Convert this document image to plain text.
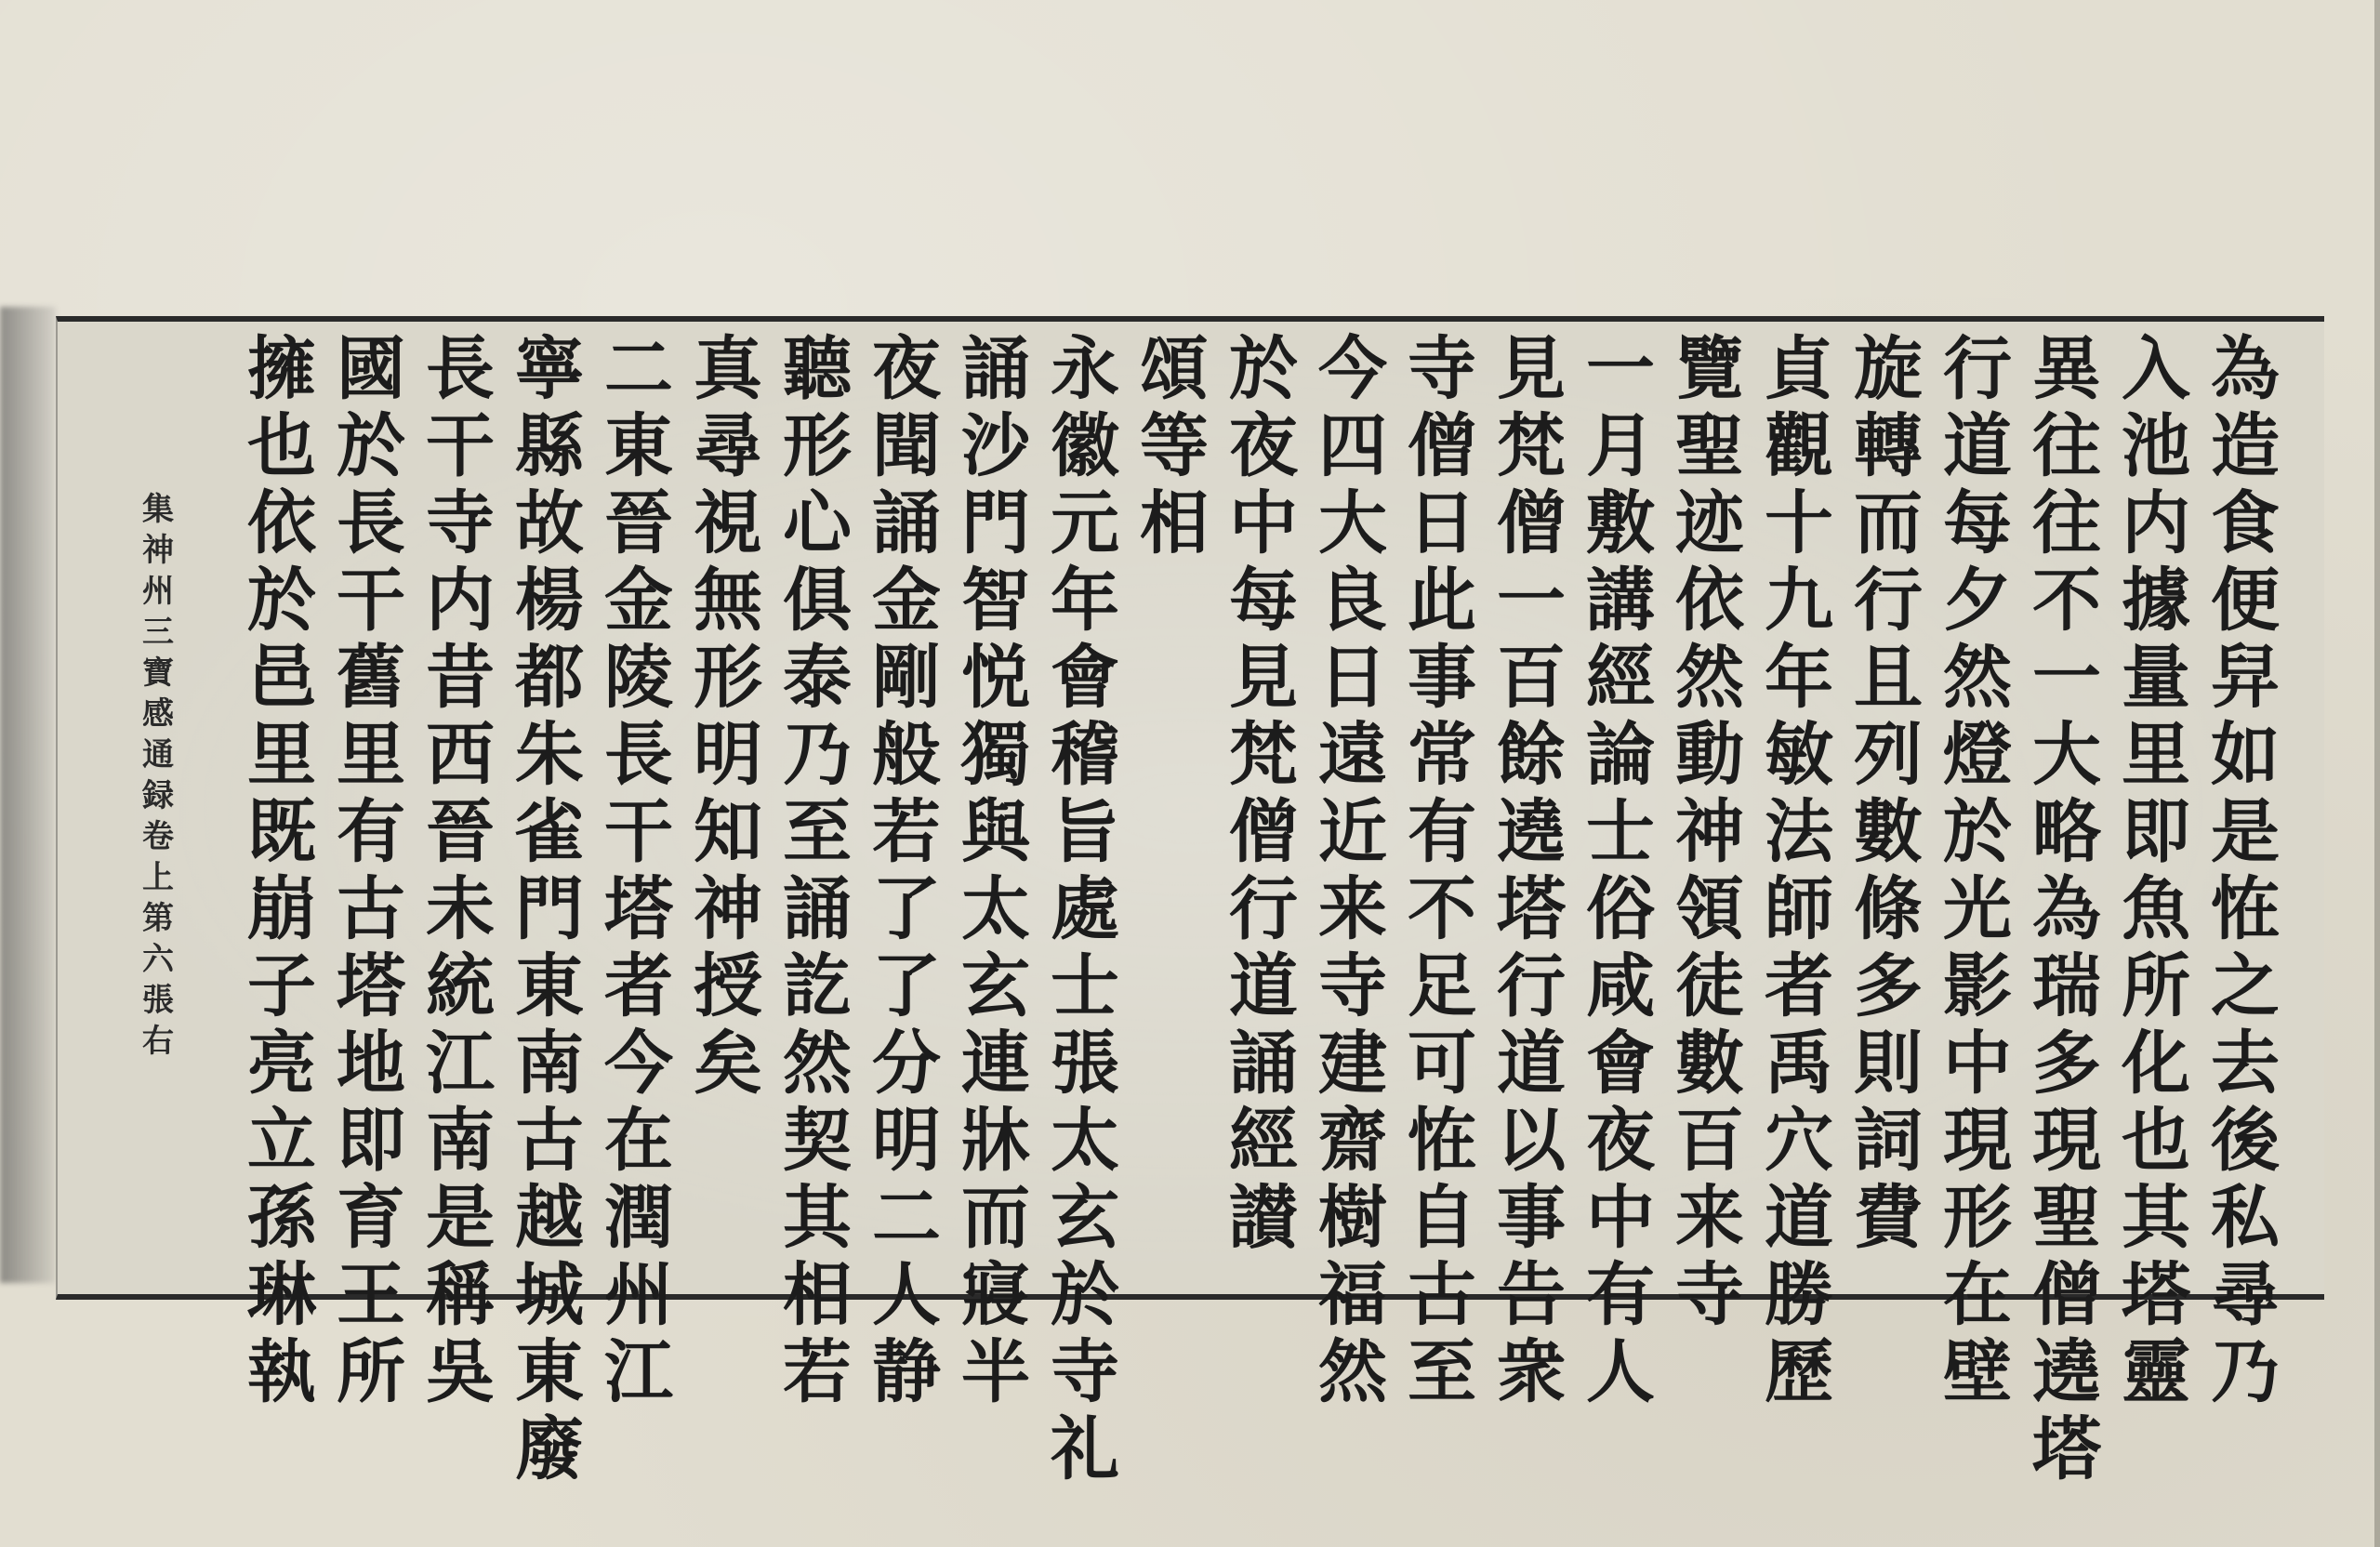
為
造
食
便
舁
如
是
恠
之
去
後
私
尋
乃
入
池
内
據
量
里
即
魚
所
化
也
其
塔
靈
異
往
往
不
一
大
略
為
瑞
多
現
聖
僧
遶
塔
行
道
每
夕
然
燈
於
光
影
中
現
形
在
壁
旋
轉
而
行
且
列
數
條
多
則
詞
費
貞
觀
十
九
年
敏
法
師
者
禹
穴
道
勝
歷
覽
聖
迹
依
然
動
神
領
徒
數
百
来
寺
一
月
敷
講
經
論
士
俗
咸
會
夜
中
有
人
見
梵
僧
一
百
餘
遶
塔
行
道
以
事
告
衆
寺
僧
日
此
事
常
有
不
足
可
恠
自
古
至
今
四
大
良
日
遠
近
来
寺
建
齋
樹
福
然
於
夜
中
每
見
梵
僧
行
道
誦
經
讃
頌
等
相
永
徽
元
年
會
稽
旨
處
士
張
太
玄
於
寺
礼
誦
沙
門
智
悦
獨
與
太
玄
連
牀
而
寢
半
夜
聞
誦
金
剛
般
若
了
了
分
明
二
人
静
聽
形
心
俱
泰
乃
至
誦
訖
然
契
其
相
若
真
尋
視
無
形
明
知
神
授
矣
二
東
晉
金
陵
長
干
塔
者
今
在
潤
州
江
寧
縣
故
楊
都
朱
雀
門
東
南
古
越
城
東
廢
長
干
寺
内
昔
西
晉
未
統
江
南
是
稱
吳
國
於
長
干
舊
里
有
古
塔
地
即
育
王
所
擁
也
依
於
邑
里
既
崩
子
亮
立
孫
琳
執
集
神
州
三
寶
感
通
録
卷
上
第
六
張
右
